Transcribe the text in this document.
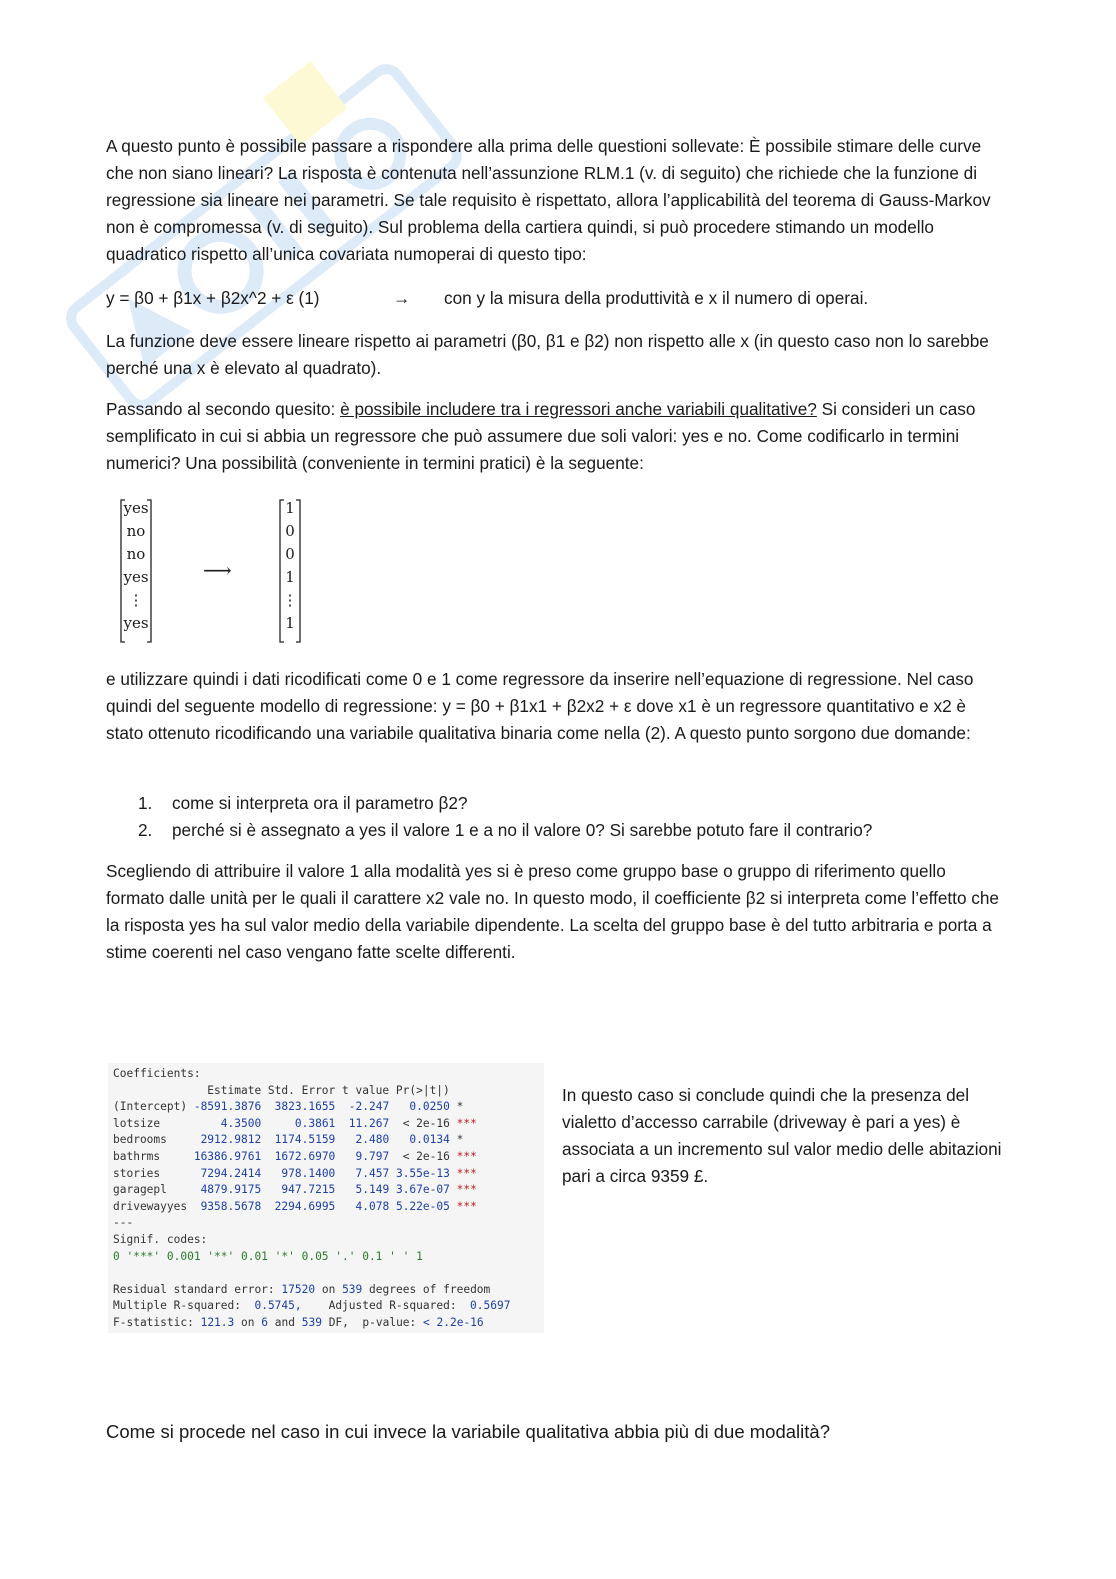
A questo punto è possibile passare a rispondere alla prima delle questioni sollevate: È possibile stimare delle curve che non siano lineari? La risposta è contenuta nell’assunzione RLM.1 (v. di seguito) che richiede che la funzione di regressione sia lineare nei parametri. Se tale requisito è rispettato, allora l’applicabilità del teorema di Gauss-Markov non è compromessa (v. di seguito). Sul problema della cartiera quindi, si può procedere stimando un modello quadratico rispetto all’unica covariata numoperai di questo tipo:

y = β0 + β1x + β2x^2 + ε (1)	→ con y la misura della produttività e x il numero di operai.

La funzione deve essere lineare rispetto ai parametri (β0, β1 e β2) non rispetto alle x (in questo caso non lo sarebbe perché una x è elevato al quadrato).

Passando al secondo quesito: è possibile includere tra i regressori anche variabili qualitative? Si consideri un caso semplificato in cui si abbia un regressore che può assumere due soli valori: yes e no. Come codificarlo in termini numerici? Una possibilità (conveniente in termini pratici) è la seguente:

yes
no
no
yes
⋮
yes
⟶
1
0
0
1
⋮
1

e utilizzare quindi i dati ricodificati come 0 e 1 come regressore da inserire nell’equazione di regressione. Nel caso quindi del seguente modello di regressione: y = β0 + β1x1 + β2x2 + ε dove x1 è un regressore quantitativo e x2 è stato ottenuto ricodificando una variabile qualitativa binaria come nella (2). A questo punto sorgono due domande:

1. come si interpreta ora il parametro β2?
2. perché si è assegnato a yes il valore 1 e a no il valore 0? Si sarebbe potuto fare il contrario?

Scegliendo di attribuire il valore 1 alla modalità yes si è preso come gruppo base o gruppo di riferimento quello formato dalle unità per le quali il carattere x2 vale no. In questo modo, il coefficiente β2 si interpreta come l’effetto che la risposta yes ha sul valor medio della variabile dipendente. La scelta del gruppo base è del tutto arbitraria e porta a stime coerenti nel caso vengano fatte scelte differenti.

Coefficients:
Estimate Std. Error t value Pr(>|t|)
(Intercept) -8591.3876  3823.1655  -2.247   0.0250 *
lotsize         4.3500     0.3861  11.267  < 2e-16 ***
bedrooms     2912.9812  1174.5159   2.480   0.0134 *
bathrms     16386.9761  1672.6970   9.797  < 2e-16 ***
stories      7294.2414   978.1400   7.457 3.55e-13 ***
garagepl     4879.9175   947.7215   5.149 3.67e-07 ***
drivewayyes  9358.5678  2294.6995   4.078 5.22e-05 ***
---
Signif. codes:
0 '***' 0.001 '**' 0.01 '*' 0.05 '.' 0.1 ' ' 1

Residual standard error: 17520 on 539 degrees of freedom
Multiple R-squared: 0.5745, Adjusted R-squared: 0.5697
F-statistic: 121.3 on 6 and 539 DF, p-value: < 2.2e-16

In questo caso si conclude quindi che la presenza del vialetto d’accesso carrabile (driveway è pari a yes) è associata a un incremento sul valor medio delle abitazioni pari a circa 9359 £.

Come si procede nel caso in cui invece la variabile qualitativa abbia più di due modalità?
